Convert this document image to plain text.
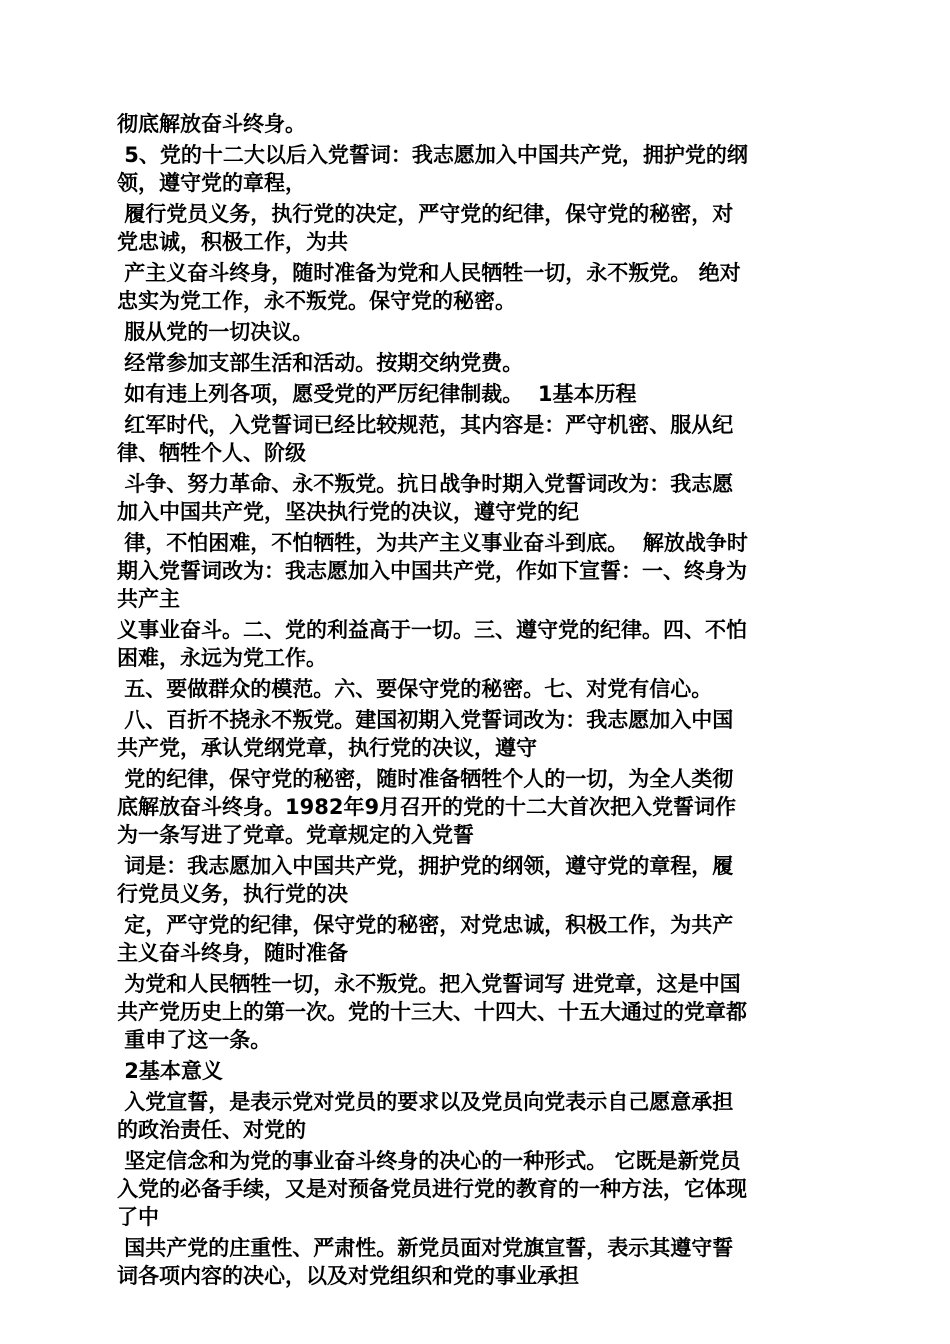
彻底解放奋斗终身。

5、党的十二大以后入党誓词：我志愿加入中国共产党，拥护党的纲

领，遵守党的章程，

履行党员义务，执行党的决定，严守党的纪律，保守党的秘密，对

党忠诚，积极工作，为共

产主义奋斗终身，随时准备为党和人民牺牲一切，永不叛党。 绝对

忠实为党工作，永不叛党。保守党的秘密。

服从党的一切决议。

经常参加支部生活和活动。按期交纳党费。

如有违上列各项，愿受党的严厉纪律制裁。  1基本历程

红军时代，入党誓词已经比较规范，其内容是：严守机密、服从纪

律、牺牲个人、阶级

斗争、努力革命、永不叛党。抗日战争时期入党誓词改为：我志愿

加入中国共产党，坚决执行党的决议，遵守党的纪

律，不怕困难，不怕牺牲，为共产主义事业奋斗到底。  解放战争时

期入党誓词改为：我志愿加入中国共产党，作如下宣誓：一、终身为

共产主

义事业奋斗。二、党的利益高于一切。三、遵守党的纪律。四、不怕

困难，永远为党工作。

五、要做群众的模范。六、要保守党的秘密。七、对党有信心。

八、百折不挠永不叛党。建国初期入党誓词改为：我志愿加入中国

共产党，承认党纲党章，执行党的决议，遵守

党的纪律，保守党的秘密，随时准备牺牲个人的一切，为全人类彻

底解放奋斗终身。1982年9月召开的党的十二大首次把入党誓词作

为一条写进了党章。党章规定的入党誓

词是：我志愿加入中国共产党，拥护党的纲领，遵守党的章程，履

行党员义务，执行党的决

定，严守党的纪律，保守党的秘密，对党忠诚，积极工作，为共产

主义奋斗终身，随时准备

为党和人民牺牲一切，永不叛党。把入党誓词写 进党章，这是中国

共产党历史上的第一次。党的十三大、十四大、十五大通过的党章都

重申了这一条。

2基本意义

入党宣誓，是表示党对党员的要求以及党员向党表示自己愿意承担

的政治责任、对党的

坚定信念和为党的事业奋斗终身的决心的一种形式。 它既是新党员

入党的必备手续，又是对预备党员进行党的教育的一种方法，它体现

了中

国共产党的庄重性、严肃性。新党员面对党旗宣誓，表示其遵守誓

词各项内容的决心，以及对党组织和党的事业承担
